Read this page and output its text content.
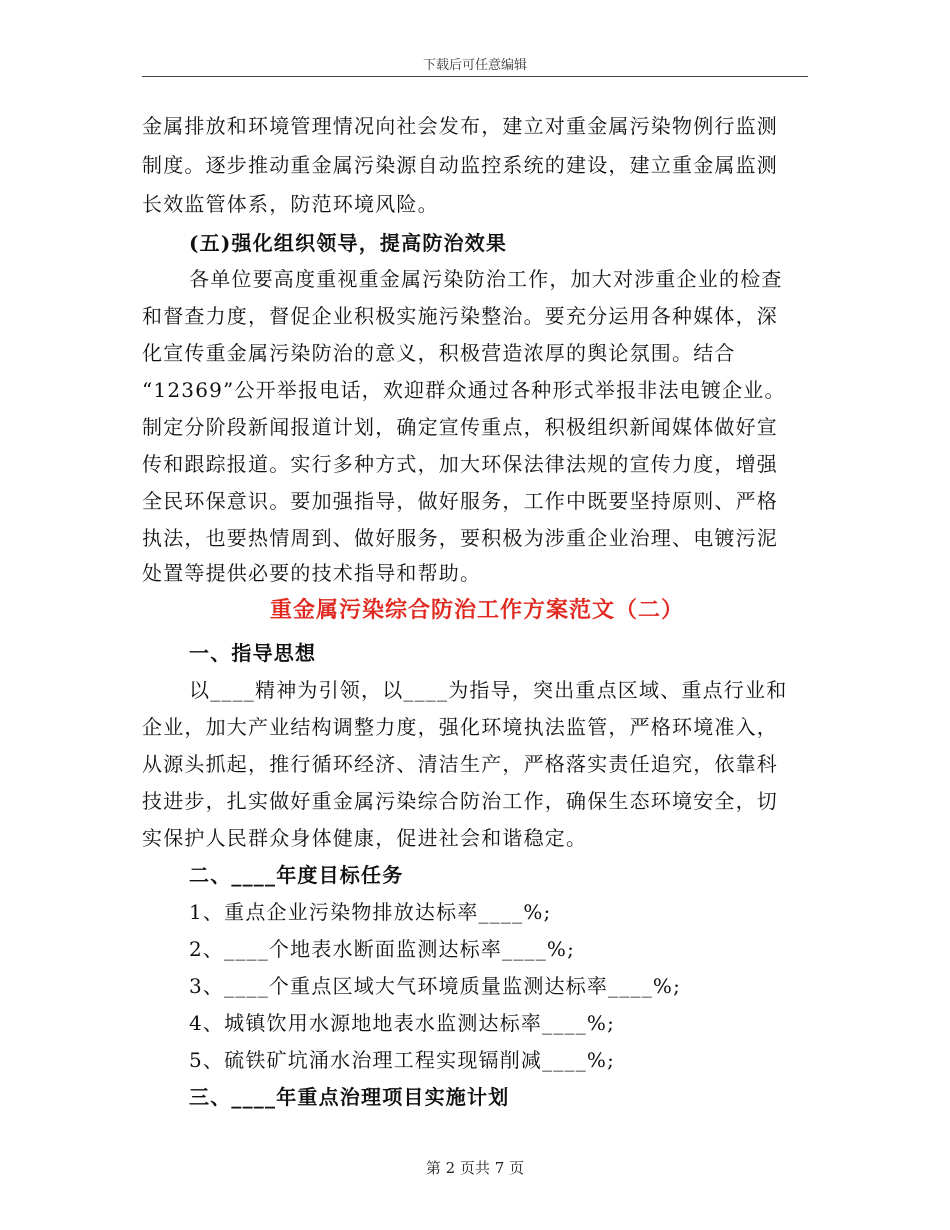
下载后可任意编辑
金属排放和环境管理情况向社会发布，建立对重金属污染物例行监测
制度。逐步推动重金属污染源自动监控系统的建设，建立重金属监测
长效监管体系，防范环境风险。
(五)强化组织领导，提高防治效果
各单位要高度重视重金属污染防治工作，加大对涉重企业的检查
和督查力度，督促企业积极实施污染整治。要充分运用各种媒体，深
化宣传重金属污染防治的意义，积极营造浓厚的舆论氛围。结合
“12369”公开举报电话，欢迎群众通过各种形式举报非法电镀企业。
制定分阶段新闻报道计划，确定宣传重点，积极组织新闻媒体做好宣
传和跟踪报道。实行多种方式，加大环保法律法规的宣传力度，增强
全民环保意识。要加强指导，做好服务，工作中既要坚持原则、严格
执法，也要热情周到、做好服务，要积极为涉重企业治理、电镀污泥
处置等提供必要的技术指导和帮助。
重金属污染综合防治工作方案范文（二）
一、指导思想
以____精神为引领，以____为指导，突出重点区域、重点行业和
企业，加大产业结构调整力度，强化环境执法监管，严格环境准入，
从源头抓起，推行循环经济、清洁生产，严格落实责任追究，依靠科
技进步，扎实做好重金属污染综合防治工作，确保生态环境安全，切
实保护人民群众身体健康，促进社会和谐稳定。
二、____年度目标任务
1、重点企业污染物排放达标率____%;
2、____个地表水断面监测达标率____%;
3、____个重点区域大气环境质量监测达标率____%;
4、城镇饮用水源地地表水监测达标率____%;
5、硫铁矿坑涌水治理工程实现镉削减____%;
三、____年重点治理项目实施计划
第 2 页共 7 页
